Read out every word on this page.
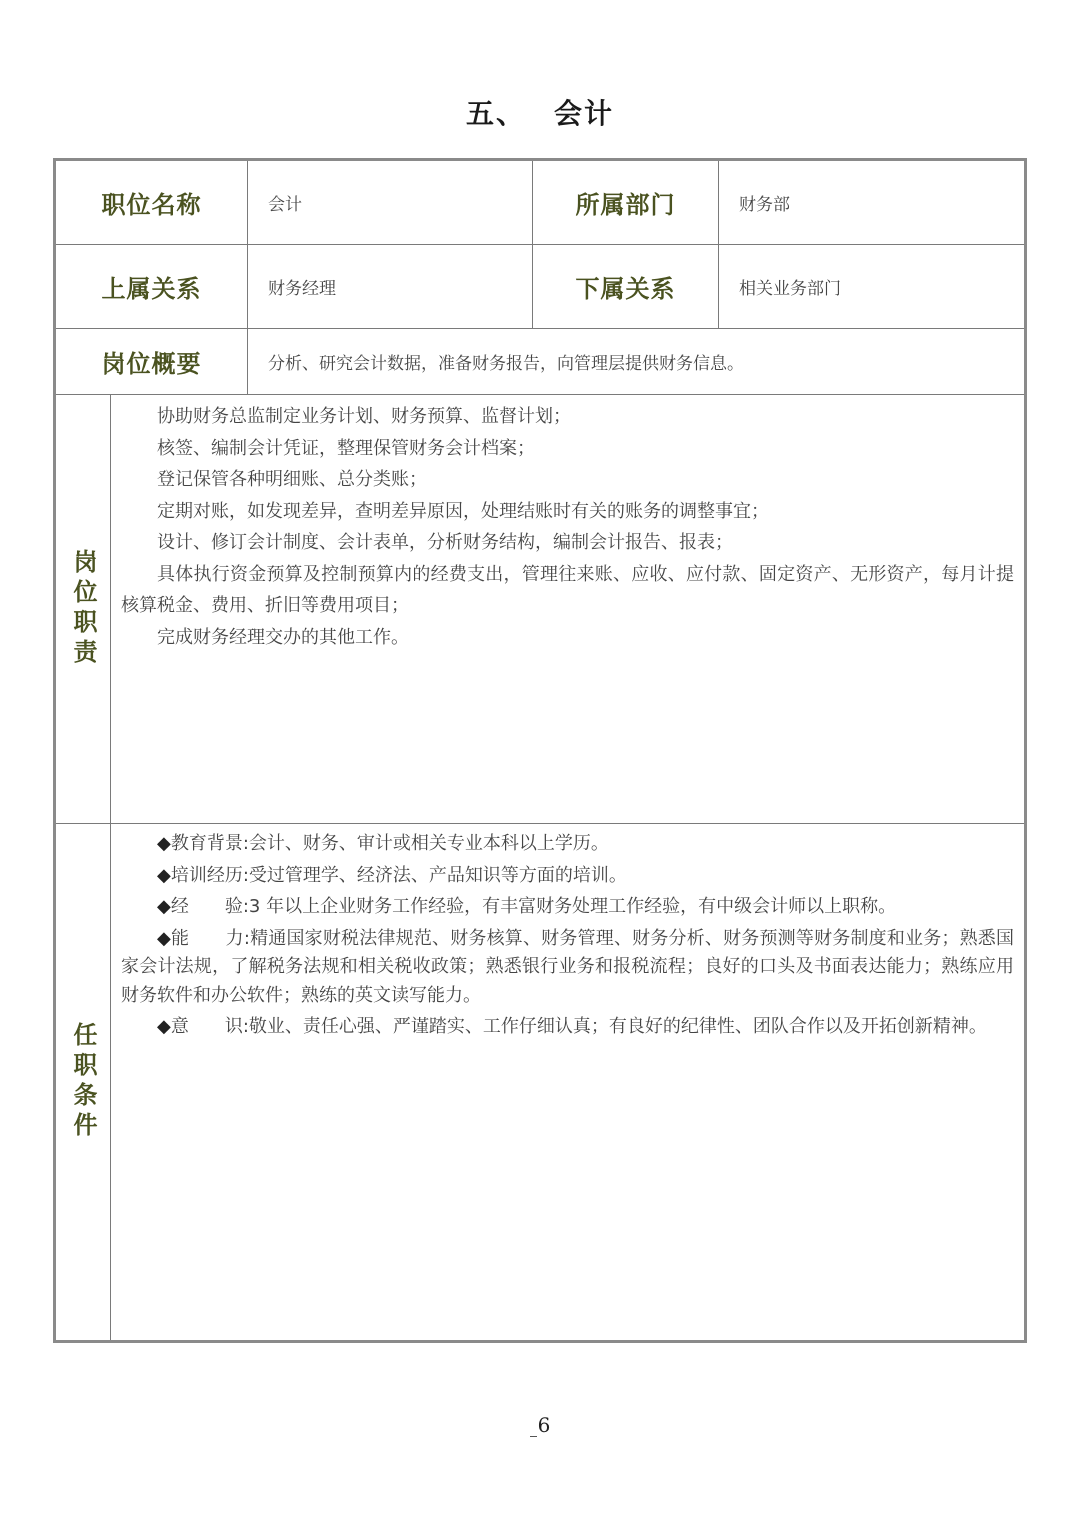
五、 会计
职位名称	会计	所属部门	财务部
上属关系	财务经理	下属关系	相关业务部门
岗位概要	分析、研究会计数据，准备财务报告，向管理层提供财务信息。
岗位职责

协助财务总监制定业务计划、财务预算、监督计划；

核签、编制会计凭证，整理保管财务会计档案；

登记保管各种明细账、总分类账；

定期对账，如发现差异，查明差异原因，处理结账时有关的账务的调整事宜；

设计、修订会计制度、会计表单，分析财务结构，编制会计报告、报表；

具体执行资金预算及控制预算内的经费支出，管理往来账、应收、应付款、固定资产、无形资产，每月计提核算税金、费用、折旧等费用项目；

完成财务经理交办的其他工作。

任职条件

◆教育背景:会计、财务、审计或相关专业本科以上学历。

◆培训经历:受过管理学、经济法、产品知识等方面的培训。

◆经　　验:3 年以上企业财务工作经验，有丰富财务处理工作经验，有中级会计师以上职称。

◆能　　力:精通国家财税法律规范、财务核算、财务管理、财务分析、财务预测等财务制度和业务；熟悉国家会计法规，了解税务法规和相关税收政策；熟悉银行业务和报税流程；良好的口头及书面表达能力；熟练应用财务软件和办公软件；熟练的英文读写能力。

◆意　　识:敬业、责任心强、严谨踏实、工作仔细认真；有良好的纪律性、团队合作以及开拓创新精神。

6
